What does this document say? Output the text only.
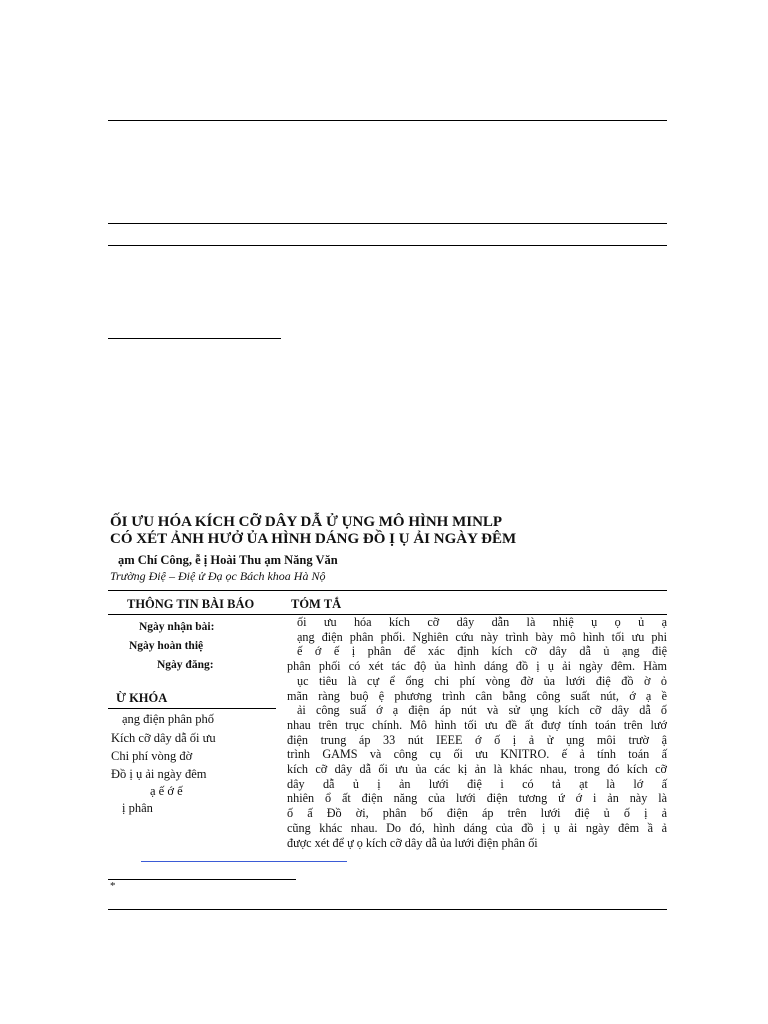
ỐI ƯU HÓA KÍCH CỠ DÂY DẪ Ử ỤNG MÔ HÌNH MINLP
CÓ XÉT ẢNH HƯỞ ỦA HÌNH DÁNG ĐỒ Ị Ụ ẢI NGÀY ĐÊM
ạm Chí Công, ễ ị Hoài Thu ạm Năng Văn
Trường Điệ – Điệ ử Đạ ọc Bách khoa Hà Nộ
THÔNG TIN BÀI BÁO
Ngày nhận bài:
Ngày hoàn thiệ
Ngày đăng:
Ừ KHÓA
ạng điện phân phố
Kích cỡ dây dẫ ối ưu
Chi phí vòng đờ
Đồ ị ụ ải ngày đêm
ạ ế ớ ế
ị phân
TÓM TẮ
ối ưu hóa kích cỡ dây dẫn là nhiệ ụ ọ ủ ạ
ạng điện phân phối. Nghiên cứu này trình bày mô hình tối ưu phi
ế ớ ế ị phân để xác định kích cỡ dây dẫ ủ ạng điệ
phân phối có xét tác độ ủa hình dáng đồ ị ụ ải ngày đêm. Hàm
ục tiêu là cự ể ổng chi phí vòng đờ ủa lưới điệ đồ ờ ỏ
mãn ràng buộ ệ phương trình cân bằng công suất nút, ớ ạ ề
ải công suấ ớ ạ điện áp nút và sử ụng kích cỡ dây dẫ ố
nhau trên trục chính. Mô hình tối ưu đề ất đượ tính toán trên lướ
điện trung áp 33 nút IEEE ớ ố ị ả ử ụng môi trườ ậ
trình GAMS và công cụ ối ưu KNITRO. ế ả tính toán ấ
kích cỡ dây dẫ ối ưu ủa các kị ản là khác nhau, trong đó kích cỡ
dây dẫ ủ ị ản lưới điệ i có tả ạt là lớ ấ
nhiên ổ ất điện năng của lưới điện tương ứ ớ i ản này là
ố ấ Đồ ời, phân bố điện áp trên lưới điệ ủ ố ị ả
cũng khác nhau. Do đó, hình dáng của đồ ị ụ ải ngày đêm ầ ả
được xét để ự ọ kích cỡ dây dẫ ủa lưới điện phân ối
*
